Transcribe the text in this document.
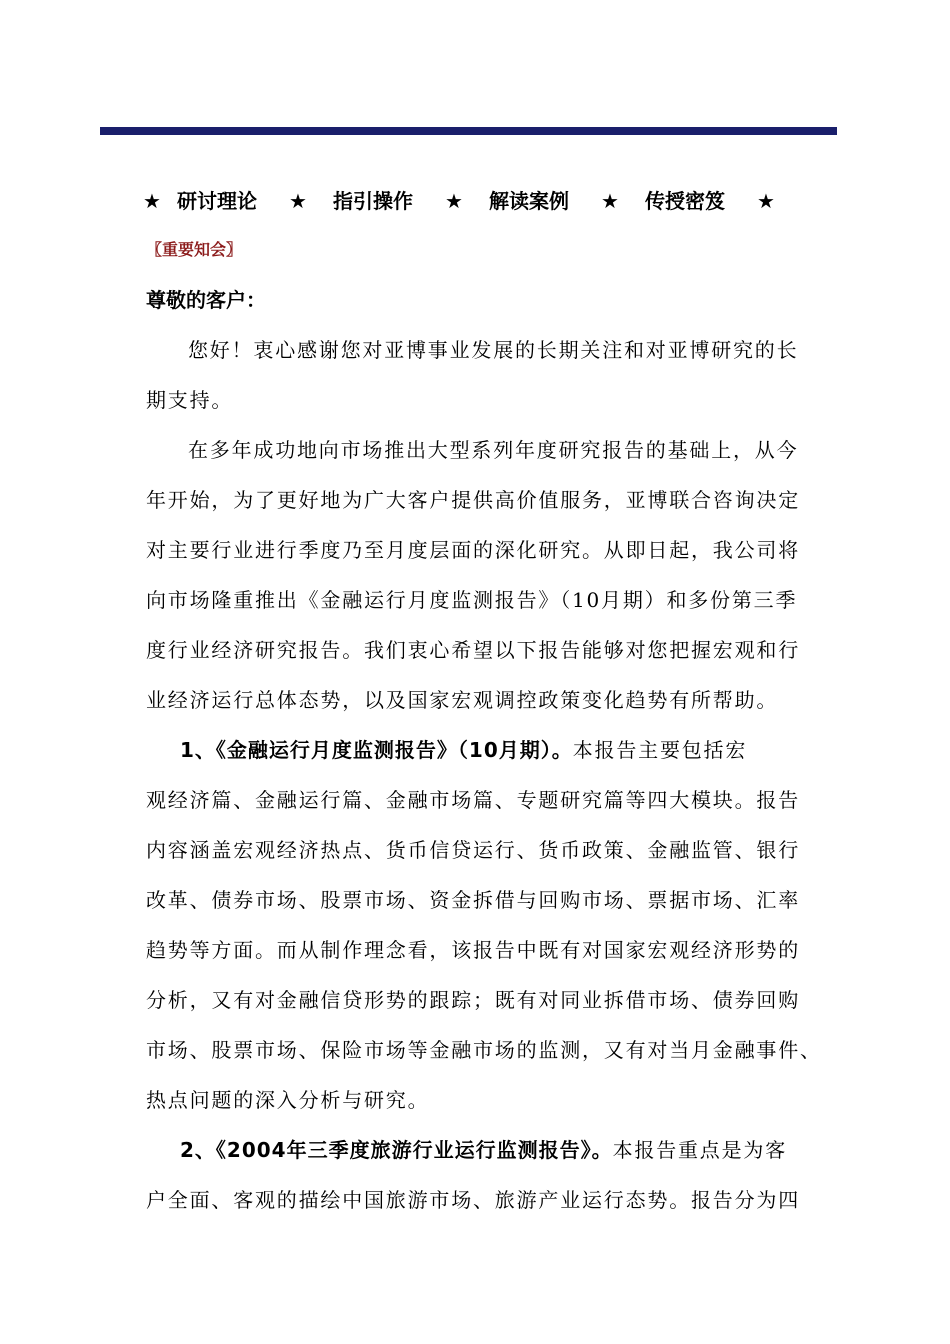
★ 研讨理论 ★ 指引操作 ★ 解读案例 ★ 传授密笈 ★
〖重要知会〗
尊敬的客户：
您好！衷心感谢您对亚博事业发展的长期关注和对亚博研究的长
期支持。
在多年成功地向市场推出大型系列年度研究报告的基础上，从今
年开始，为了更好地为广大客户提供高价值服务，亚博联合咨询决定
对主要行业进行季度乃至月度层面的深化研究。从即日起，我公司将
向市场隆重推出《金融运行月度监测报告》（10月期）和多份第三季
度行业经济研究报告。我们衷心希望以下报告能够对您把握宏观和行
业经济运行总体态势，以及国家宏观调控政策变化趋势有所帮助。
1、《金融运行月度监测报告》（10月期）。本报告主要包括宏
观经济篇、金融运行篇、金融市场篇、专题研究篇等四大模块。报告
内容涵盖宏观经济热点、货币信贷运行、货币政策、金融监管、银行
改革、债券市场、股票市场、资金拆借与回购市场、票据市场、汇率
趋势等方面。而从制作理念看，该报告中既有对国家宏观经济形势的
分析，又有对金融信贷形势的跟踪；既有对同业拆借市场、债券回购
市场、股票市场、保险市场等金融市场的监测，又有对当月金融事件、
热点问题的深入分析与研究。
2、《2004年三季度旅游行业运行监测报告》。本报告重点是为客
户全面、客观的描绘中国旅游市场、旅游产业运行态势。报告分为四
